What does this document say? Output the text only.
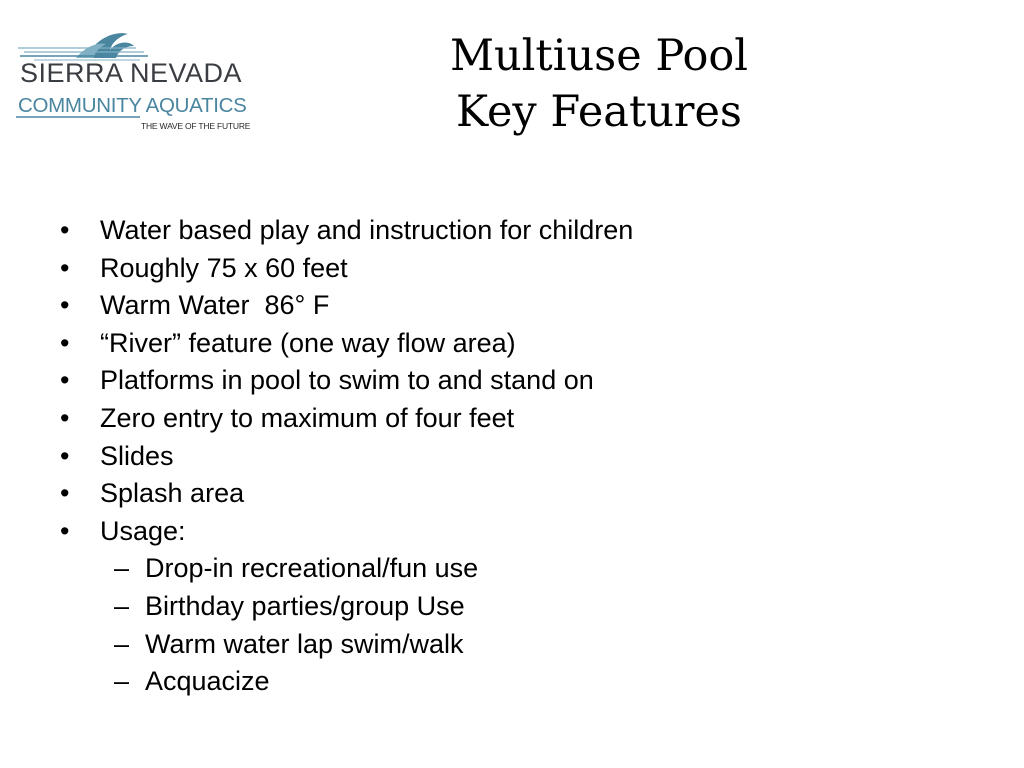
SIERRA NEVADA
COMMUNITY AQUATICS
THE WAVE OF THE FUTURE
Multiuse Pool
Key Features
• Water based play and instruction for children
• Roughly 75 x 60 feet
• Warm Water  86° F
• “River” feature (one way flow area)
• Platforms in pool to swim to and stand on
• Zero entry to maximum of four feet
• Slides
• Splash area
• Usage:
– Drop-in recreational/fun use
– Birthday parties/group Use
– Warm water lap swim/walk
– Acquacize
